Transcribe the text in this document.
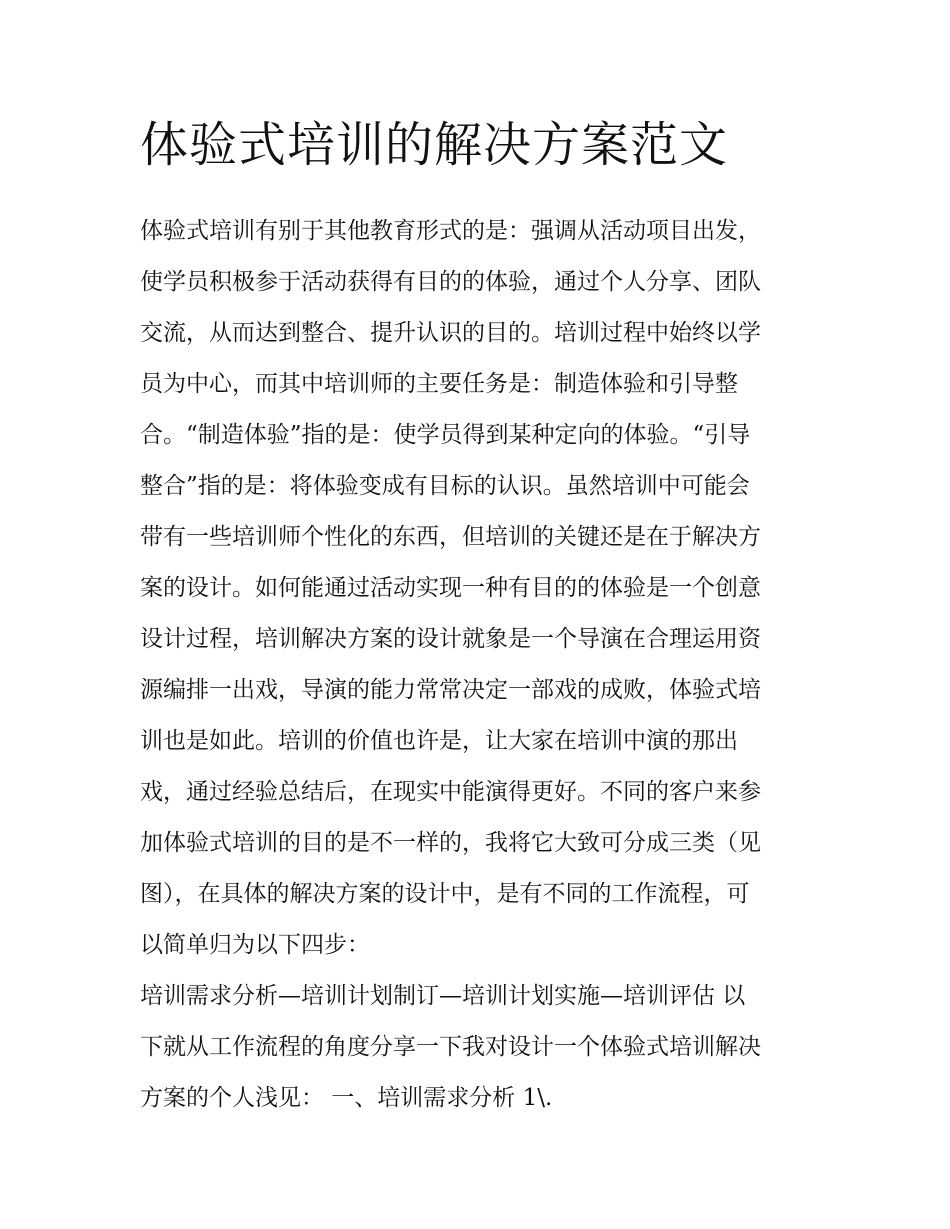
体验式培训的解决方案范文
体验式培训有别于其他教育形式的是：强调从活动项目出发，
使学员积极参于活动获得有目的的体验，通过个人分享、团队
交流，从而达到整合、提升认识的目的。培训过程中始终以学
员为中心，而其中培训师的主要任务是：制造体验和引导整
合。“制造体验”指的是：使学员得到某种定向的体验。“引导
整合”指的是：将体验变成有目标的认识。虽然培训中可能会
带有一些培训师个性化的东西，但培训的关键还是在于解决方
案的设计。如何能通过活动实现一种有目的的体验是一个创意
设计过程，培训解决方案的设计就象是一个导演在合理运用资
源编排一出戏，导演的能力常常决定一部戏的成败，体验式培
训也是如此。培训的价值也许是，让大家在培训中演的那出
戏，通过经验总结后，在现实中能演得更好。不同的客户来参
加体验式培训的目的是不一样的，我将它大致可分成三类（见
图），在具体的解决方案的设计中，是有不同的工作流程，可
以简单归为以下四步：
培训需求分析—培训计划制订—培训计划实施—培训评估 以
下就从工作流程的角度分享一下我对设计一个体验式培训解决
方案的个人浅见： 一、培训需求分析 1\.
